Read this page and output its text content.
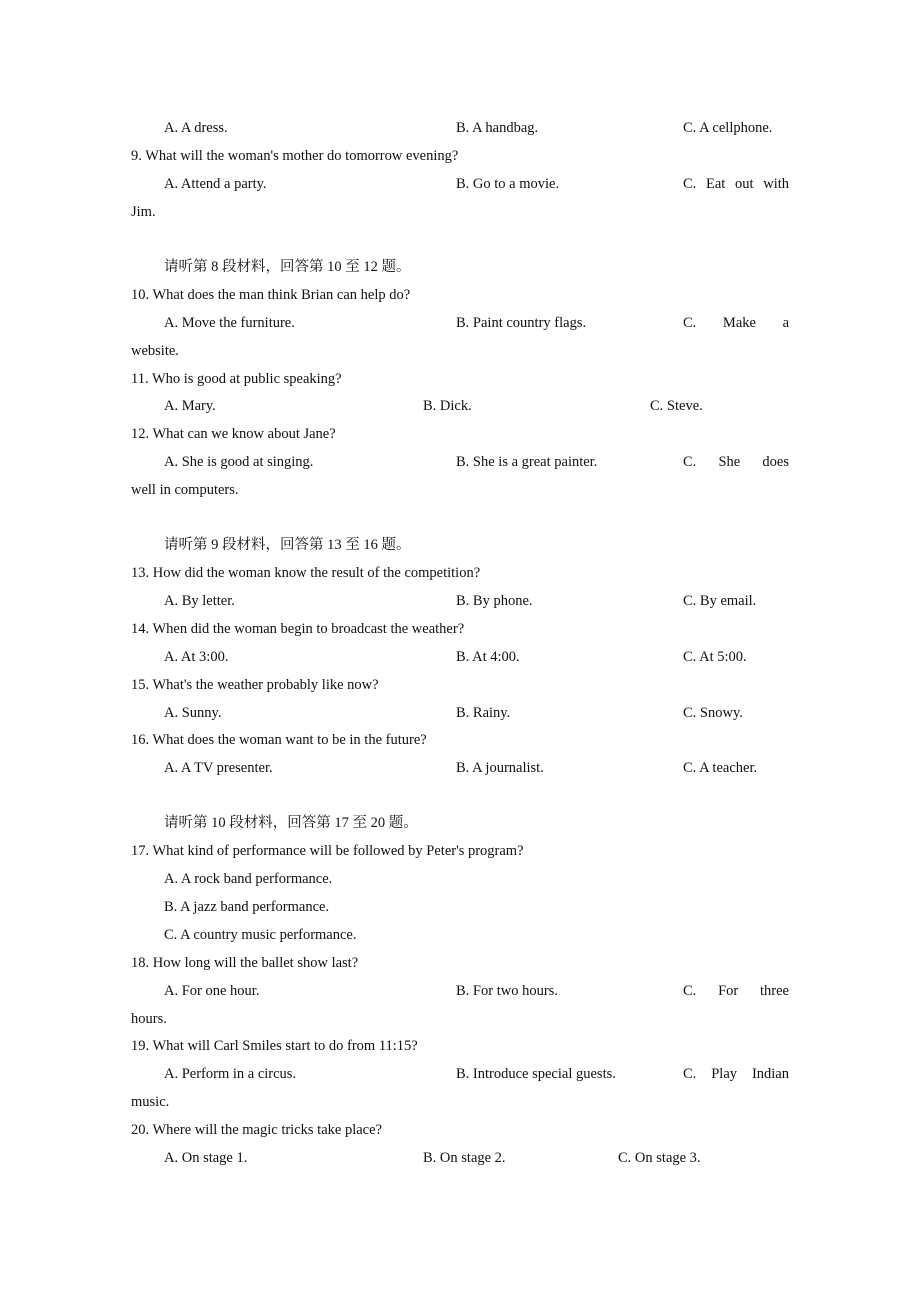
A. A dress.	B. A handbag.	C. A cellphone.
9. What will the woman's mother do tomorrow evening?
A. Attend a party.	B. Go to a movie.	C. Eat out with
Jim.
请听第 8 段材料，回答第 10 至 12 题。
10. What does the man think Brian can help do?
A. Move the furniture.	B. Paint country flags.	C. Make a
website.
11. Who is good at public speaking?
A. Mary.	B. Dick.	C. Steve.
12. What can we know about Jane?
A. She is good at singing.	B. She is a great painter.	C. She does
well in computers.
请听第 9 段材料，回答第 13 至 16 题。
13. How did the woman know the result of the competition?
A. By letter.	B. By phone.	C. By email.
14. When did the woman begin to broadcast the weather?
A. At 3:00.	B. At 4:00.	C. At 5:00.
15. What's the weather probably like now?
A. Sunny.	B. Rainy.	C. Snowy.
16. What does the woman want to be in the future?
A. A TV presenter.	B. A journalist.	C. A teacher.
请听第 10 段材料，回答第 17 至 20 题。
17. What kind of performance will be followed by Peter's program?
A. A rock band performance.
B. A jazz band performance.
C. A country music performance.
18. How long will the ballet show last?
A. For one hour.	B. For two hours.	C. For three
hours.
19. What will Carl Smiles start to do from 11:15?
A. Perform in a circus.	B. Introduce special guests.	C. Play Indian
music.
20. Where will the magic tricks take place?
A. On stage 1.	B. On stage 2.	C. On stage 3.
